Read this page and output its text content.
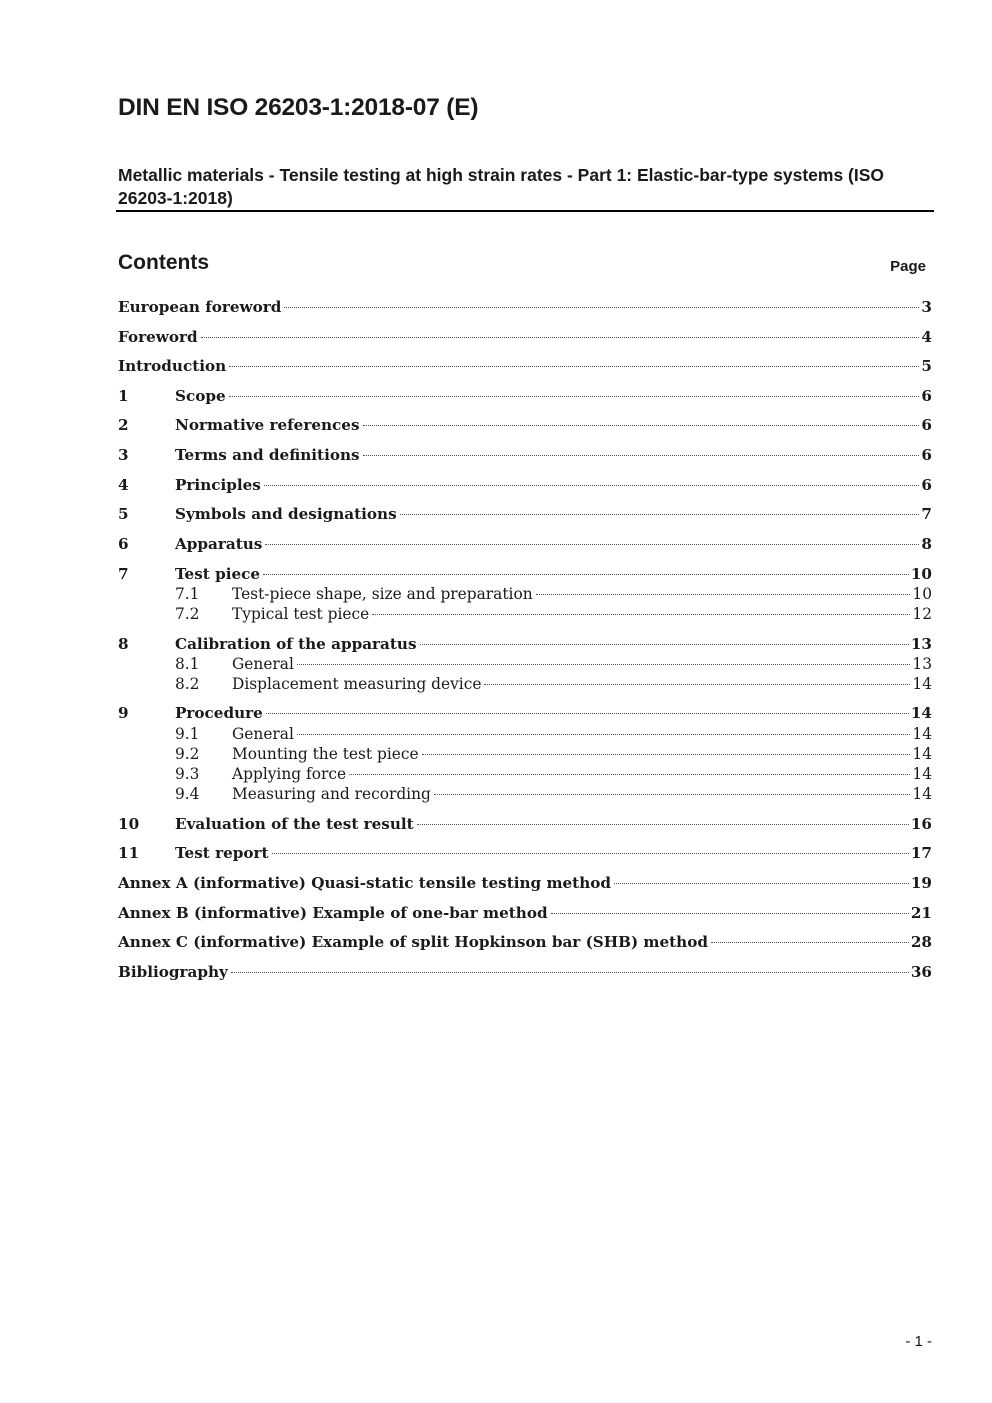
DIN EN ISO 26203-1:2018-07 (E)
Metallic materials - Tensile testing at high strain rates - Part 1: Elastic-bar-type systems (ISO 26203-1:2018)
Contents	Page
European foreword	3
Foreword	4
Introduction	5
1	Scope	6
2	Normative references	6
3	Terms and definitions	6
4	Principles	6
5	Symbols and designations	7
6	Apparatus	8
7	Test piece	10
7.1	Test-piece shape, size and preparation	10
7.2	Typical test piece	12
8	Calibration of the apparatus	13
8.1	General	13
8.2	Displacement measuring device	14
9	Procedure	14
9.1	General	14
9.2	Mounting the test piece	14
9.3	Applying force	14
9.4	Measuring and recording	14
10	Evaluation of the test result	16
11	Test report	17
Annex A (informative) Quasi-static tensile testing method	19
Annex B (informative) Example of one-bar method	21
Annex C (informative) Example of split Hopkinson bar (SHB) method	28
Bibliography	36
- 1 -
